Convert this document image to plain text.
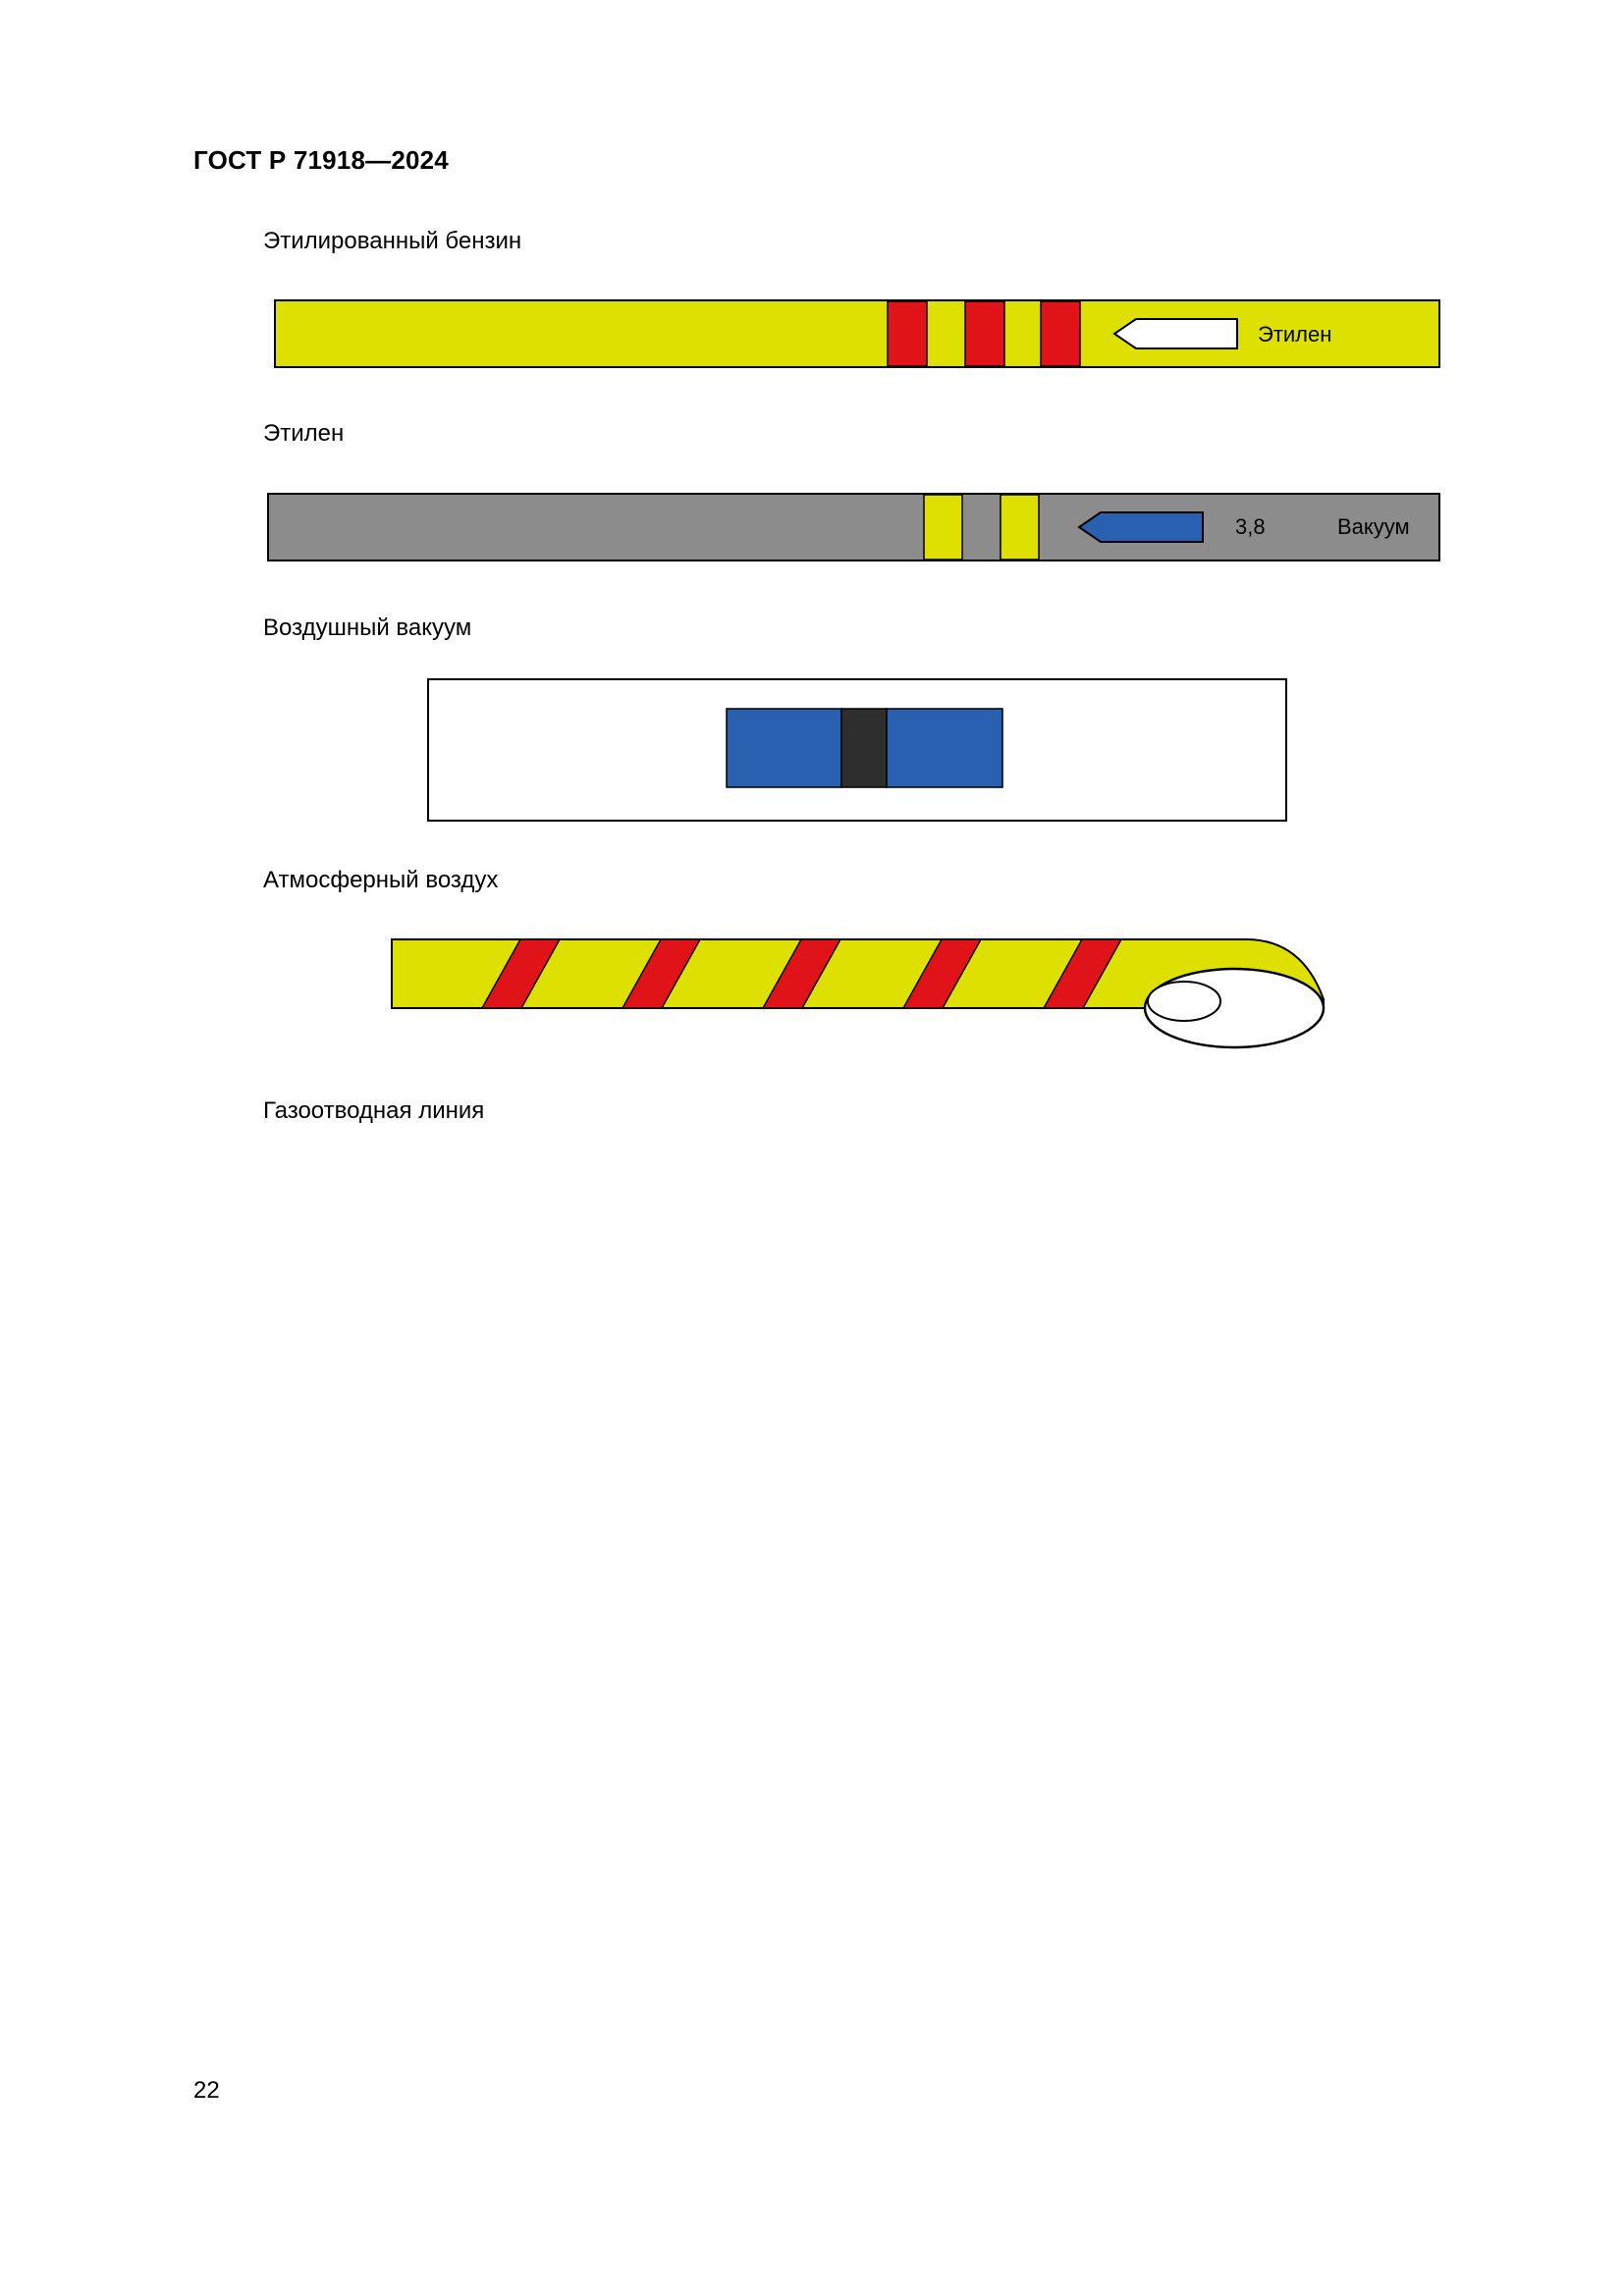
ГОСТ Р 71918—2024
Этилированный бензин
Этилен
Этилен
3,8	Вакуум
Воздушный вакуум
Атмосферный воздух
Газоотводная линия
22
